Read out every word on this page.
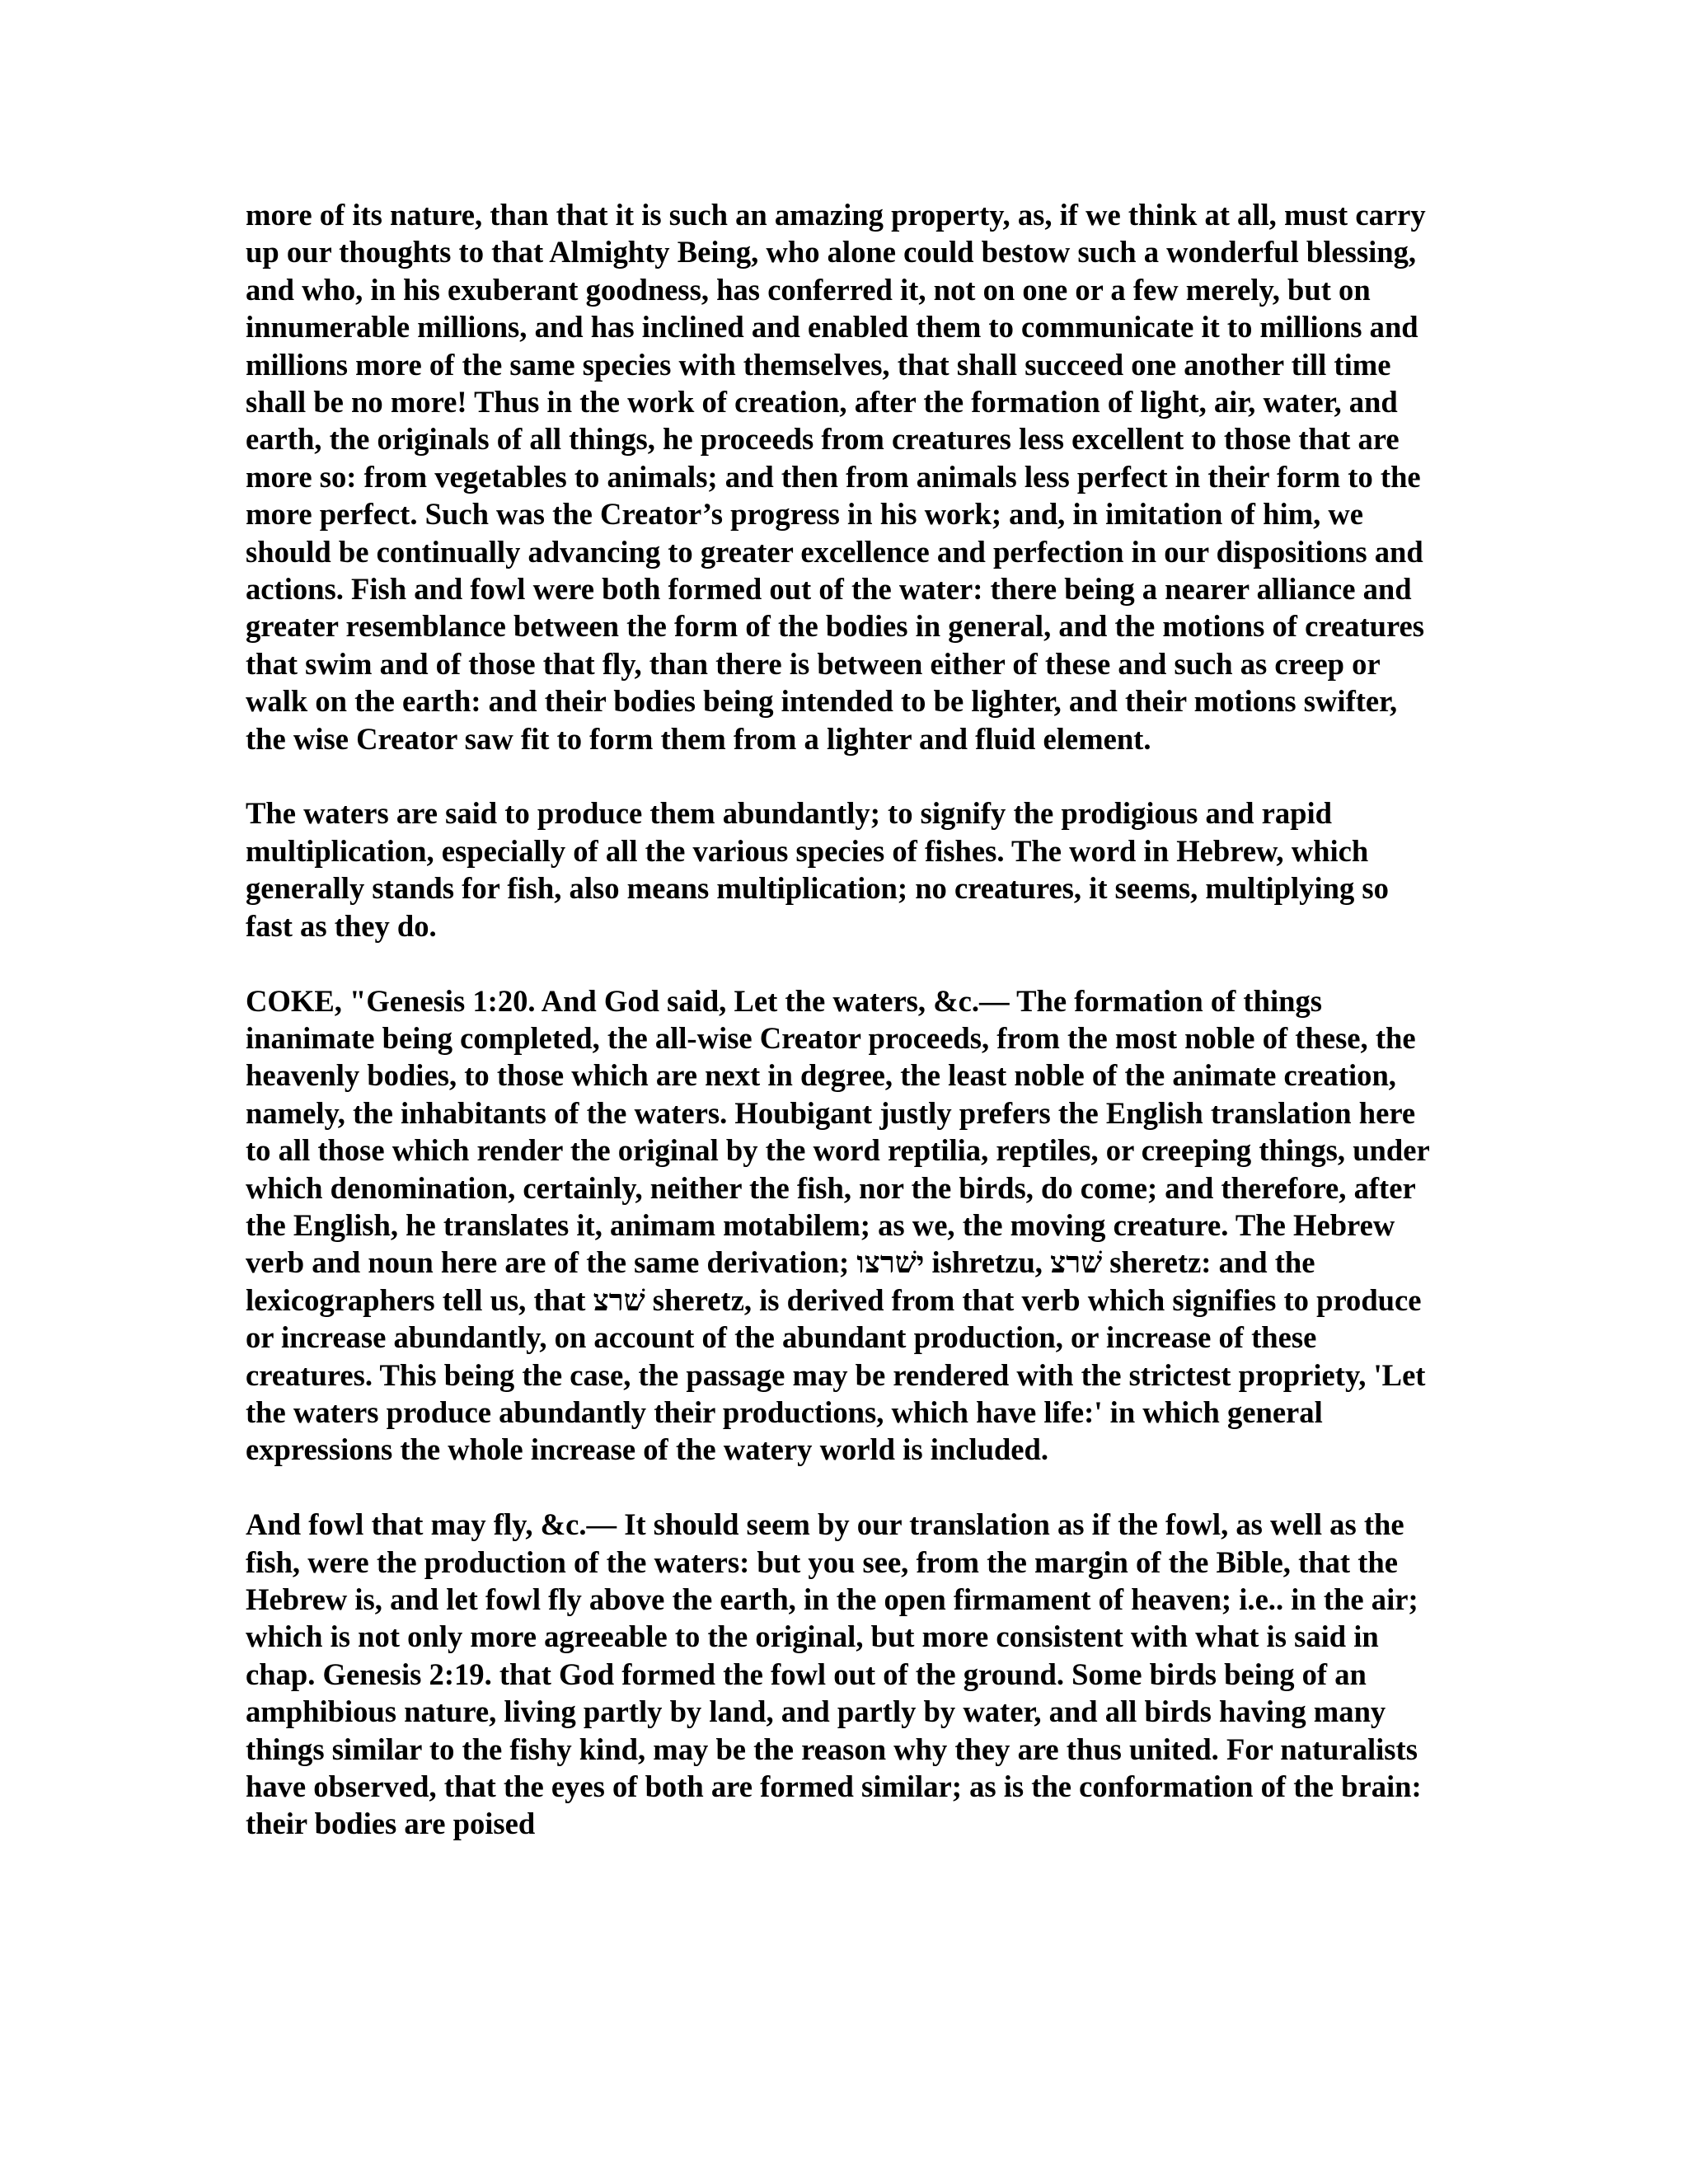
more of its nature, than that it is such an amazing property, as, if we think at all, must carry up our thoughts to that Almighty Being, who alone could bestow such a wonderful blessing, and who, in his exuberant goodness, has conferred it, not on one or a few merely, but on innumerable millions, and has inclined and enabled them to communicate it to millions and millions more of the same species with themselves, that shall succeed one another till time shall be no more! Thus in the work of creation, after the formation of light, air, water, and earth, the originals of all things, he proceeds from creatures less excellent to those that are more so: from vegetables to animals; and then from animals less perfect in their form to the more perfect. Such was the Creator’s progress in his work; and, in imitation of him, we should be continually advancing to greater excellence and perfection in our dispositions and actions. Fish and fowl were both formed out of the water: there being a nearer alliance and greater resemblance between the form of the bodies in general, and the motions of creatures that swim and of those that fly, than there is between either of these and such as creep or walk on the earth: and their bodies being intended to be lighter, and their motions swifter, the wise Creator saw fit to form them from a lighter and fluid element.

The waters are said to produce them abundantly; to signify the prodigious and rapid multiplication, especially of all the various species of fishes. The word in Hebrew, which generally stands for fish, also means multiplication; no creatures, it seems, multiplying so fast as they do.

COKE, "Genesis 1:20. And God said, Let the waters, &c.— The formation of things inanimate being completed, the all-wise Creator proceeds, from the most noble of these, the heavenly bodies, to those which are next in degree, the least noble of the animate creation, namely, the inhabitants of the waters. Houbigant justly prefers the English translation here to all those which render the original by the word reptilia, reptiles, or creeping things, under which denomination, certainly, neither the fish, nor the birds, do come; and therefore, after the English, he translates it, animam motabilem; as we, the moving creature. The Hebrew verb and noun here are of the same derivation; ישׁרצו ishretzu, שׁרצ sheretz: and the lexicographers tell us, that שׁרצ sheretz, is derived from that verb which signifies to produce or increase abundantly, on account of the abundant production, or increase of these creatures. This being the case, the passage may be rendered with the strictest propriety, 'Let the waters produce abundantly their productions, which have life:' in which general expressions the whole increase of the watery world is included.

And fowl that may fly, &c.— It should seem by our translation as if the fowl, as well as the fish, were the production of the waters: but you see, from the margin of the Bible, that the Hebrew is, and let fowl fly above the earth, in the open firmament of heaven; i.e.. in the air; which is not only more agreeable to the original, but more consistent with what is said in chap. Genesis 2:19. that God formed the fowl out of the ground. Some birds being of an amphibious nature, living partly by land, and partly by water, and all birds having many things similar to the fishy kind, may be the reason why they are thus united. For naturalists have observed, that the eyes of both are formed similar; as is the conformation of the brain: their bodies are poised
